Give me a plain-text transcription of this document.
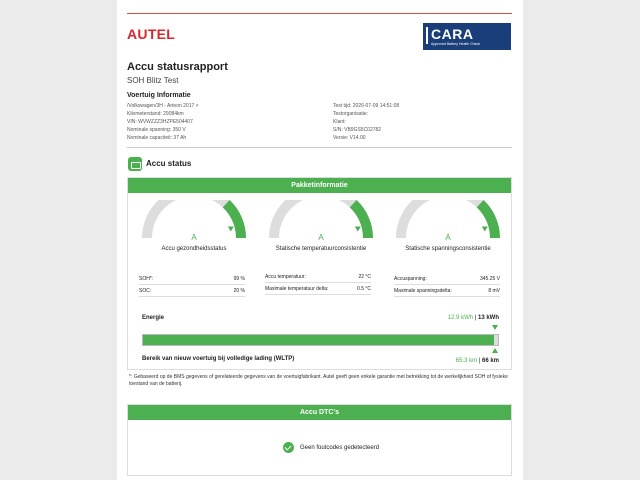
AUTEL	CARA
Approved Battery Health Check
Accu statusrapport
SOH Blitz Test
Voertuig Informatie
/Volkswagen/3H - Arteon 2017 >
Kilometerstand: 29084km
VIN: WVWZZZ3HZPE504407
Nominale spanning: 350 V
Nominale capaciteit: 37 Ah
Test tijd: 2026-07-09 14:51:08
Testorganisatie:
Klant:
S/N: VB9GS5C02782
Versie: V14.00
Accu status
Pakketinformatie
A
Accu gezondheidsstatus
A
Statische temperatuurconsistentie
A
Statische spanningsconsistentie
SOH*:	99 %
SOC:	20 %
Accu temperatuur:	22 °C
Maximale temperatuur delta:	0.5 °C
Accuspanning:	345.25 V
Maximale spanningsdelta:	8 mV
Energie	12.9 kWh | 13 kWh
Bereik van nieuw voertuig bij volledige lading (WLTP)	65.3 km | 66 km
*: Gebaseerd op de BMS gegevens of gerelateerde gegevens van de voertuigfabrikant. Autel geeft geen enkele garantie met betrekking tot de werkelijkheid SOH of fysieke toestand van de batterij.
Accu DTC's
Geen foutcodes gedetecteerd
